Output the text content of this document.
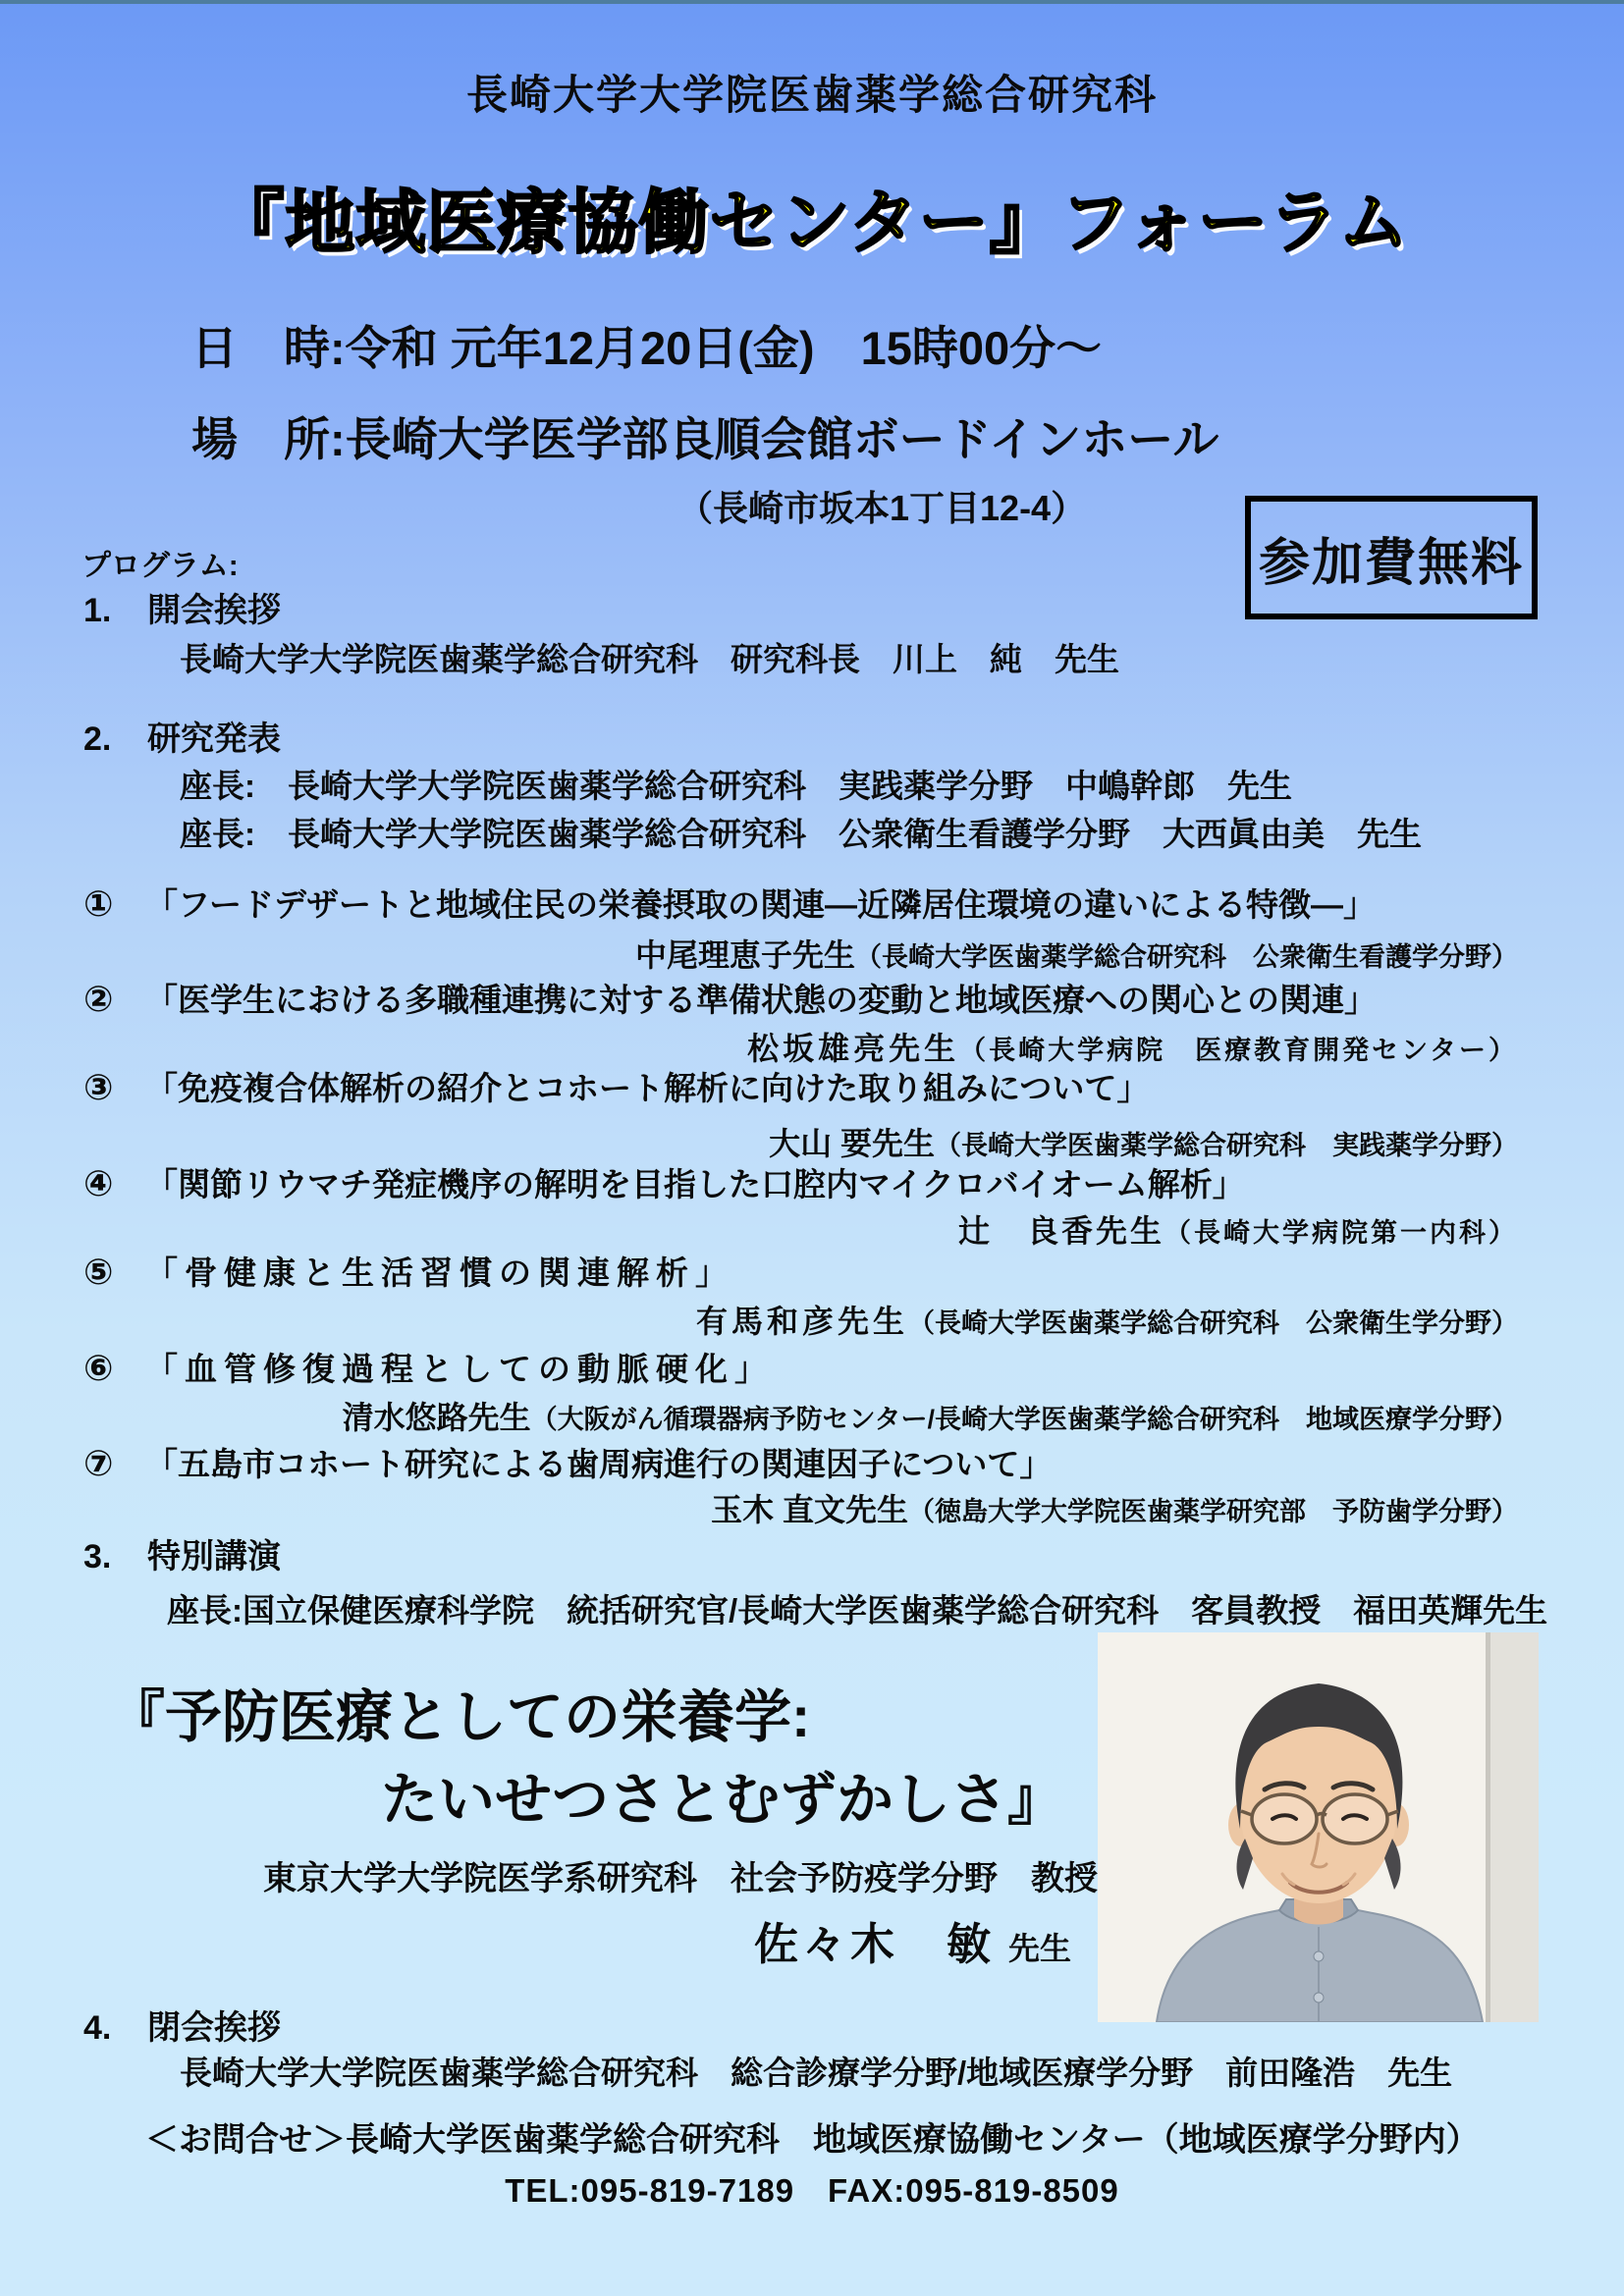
長崎大学大学院医歯薬学総合研究科
『地域医療協働センター』フォーラム
日　時:令和 元年12月20日(金)　15時00分～
場　所:長崎大学医学部良順会館ボードインホール
（長崎市坂本1丁目12-4）
参加費無料
プログラム:
1. 開会挨拶
長崎大学大学院医歯薬学総合研究科　研究科長　川上　純　先生
2. 研究発表
座長:　長崎大学大学院医歯薬学総合研究科　実践薬学分野　中嶋幹郎　先生
座長:　長崎大学大学院医歯薬学総合研究科　公衆衛生看護学分野　大西眞由美　先生
① 「フードデザートと地域住民の栄養摂取の関連―近隣居住環境の違いによる特徴―」
中尾理恵子先生（長崎大学医歯薬学総合研究科　公衆衛生看護学分野）
② 「医学生における多職種連携に対する準備状態の変動と地域医療への関心との関連」
松坂雄亮先生（長崎大学病院　医療教育開発センター）
③ 「免疫複合体解析の紹介とコホート解析に向けた取り組みについて」
大山 要先生（長崎大学医歯薬学総合研究科　実践薬学分野）
④ 「関節リウマチ発症機序の解明を目指した口腔内マイクロバイオーム解析」
辻　良香先生（長崎大学病院第一内科）
⑤ 「骨健康と生活習慣の関連解析」
有馬和彦先生（長崎大学医歯薬学総合研究科　公衆衛生学分野）
⑥ 「血管修復過程としての動脈硬化」
清水悠路先生（大阪がん循環器病予防センター/長崎大学医歯薬学総合研究科　地域医療学分野）
⑦ 「五島市コホート研究による歯周病進行の関連因子について」
玉木 直文先生（徳島大学大学院医歯薬学研究部　予防歯学分野）
3. 特別講演
座長:国立保健医療科学院　統括研究官/長崎大学医歯薬学総合研究科　客員教授　福田英輝先生
『予防医療としての栄養学:
たいせつさとむずかしさ』
東京大学大学院医学系研究科　社会予防疫学分野　教授
佐々木　敏 先生
4. 閉会挨拶
長崎大学大学院医歯薬学総合研究科　総合診療学分野/地域医療学分野　前田隆浩　先生
＜お問合せ＞長崎大学医歯薬学総合研究科　地域医療協働センター（地域医療学分野内）
TEL:095-819-7189　FAX:095-819-8509
